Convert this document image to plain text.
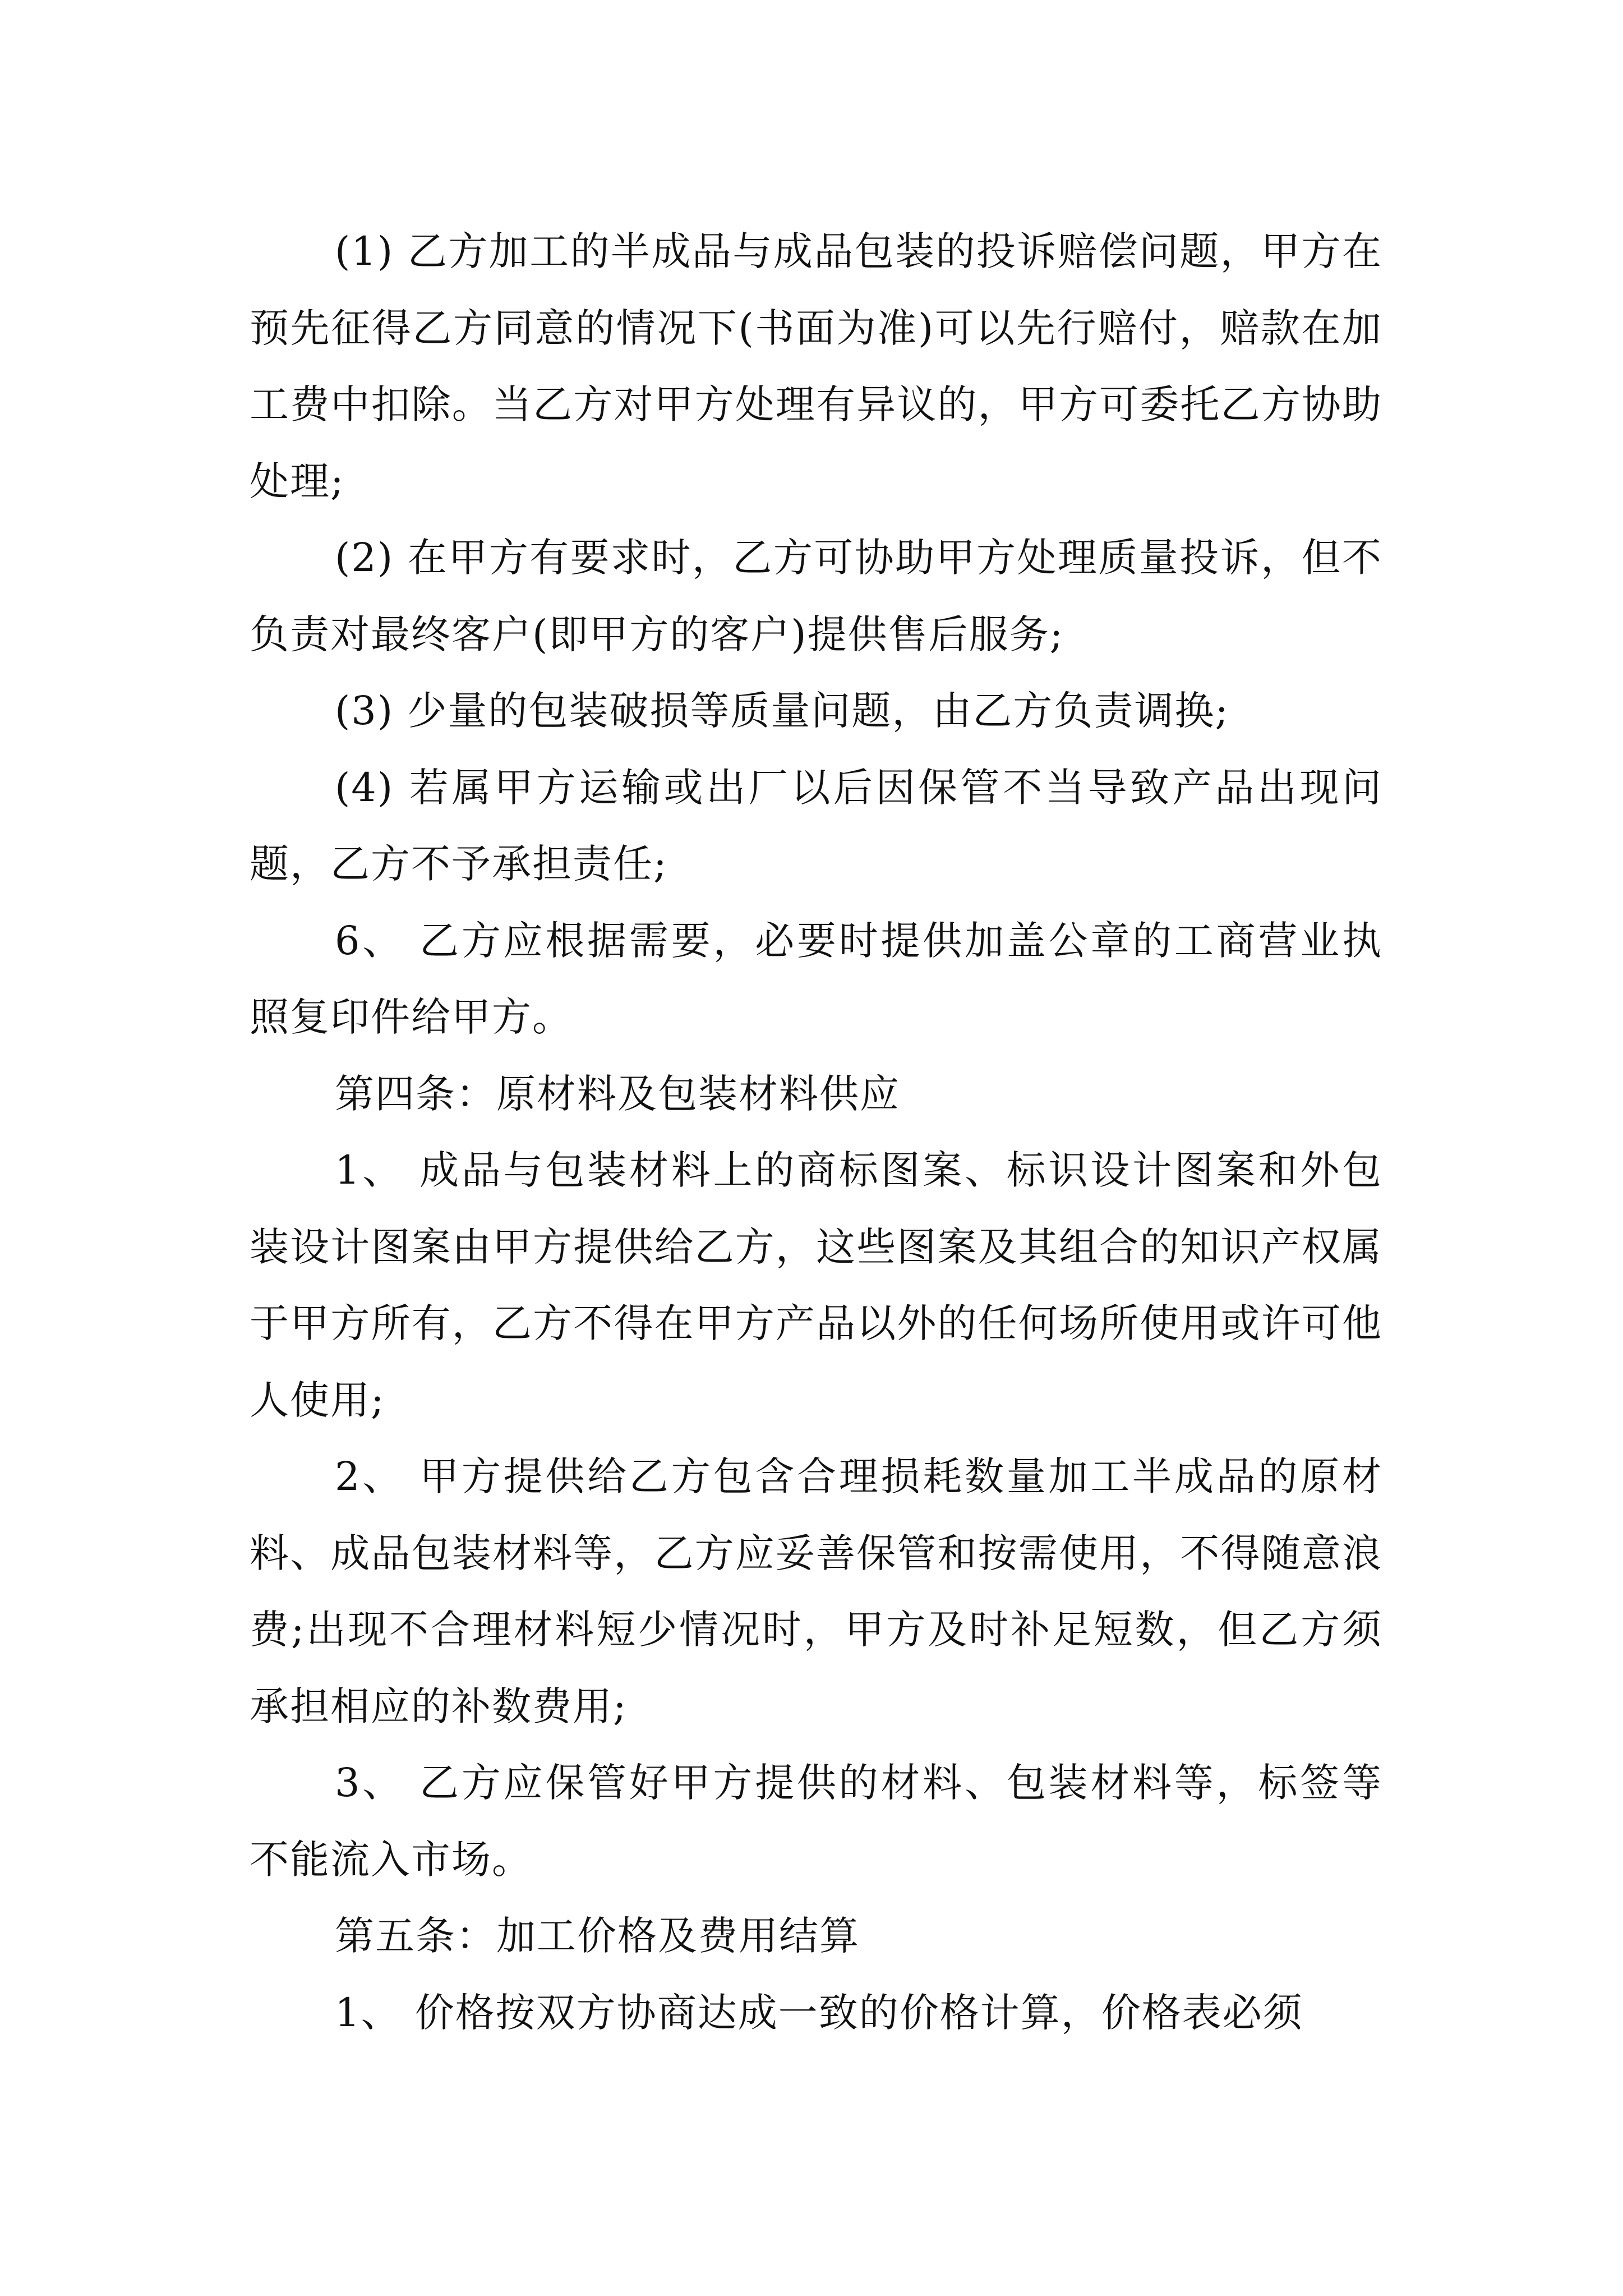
(1) 乙方加工的半成品与成品包装的投诉赔偿问题，甲方在预先征得乙方同意的情况下(书面为准)可以先行赔付，赔款在加工费中扣除。当乙方对甲方处理有异议的，甲方可委托乙方协助处理;

(2) 在甲方有要求时，乙方可协助甲方处理质量投诉，但不负责对最终客户(即甲方的客户)提供售后服务;

(3) 少量的包装破损等质量问题，由乙方负责调换;

(4) 若属甲方运输或出厂以后因保管不当导致产品出现问题，乙方不予承担责任;

6、 乙方应根据需要，必要时提供加盖公章的工商营业执照复印件给甲方。

第四条：原材料及包装材料供应

1、 成品与包装材料上的商标图案、标识设计图案和外包装设计图案由甲方提供给乙方，这些图案及其组合的知识产权属于甲方所有，乙方不得在甲方产品以外的任何场所使用或许可他人使用;

2、 甲方提供给乙方包含合理损耗数量加工半成品的原材料、成品包装材料等，乙方应妥善保管和按需使用，不得随意浪费;出现不合理材料短少情况时，甲方及时补足短数，但乙方须承担相应的补数费用;

3、 乙方应保管好甲方提供的材料、包装材料等，标签等不能流入市场。

第五条：加工价格及费用结算

1、 价格按双方协商达成一致的价格计算，价格表必须
